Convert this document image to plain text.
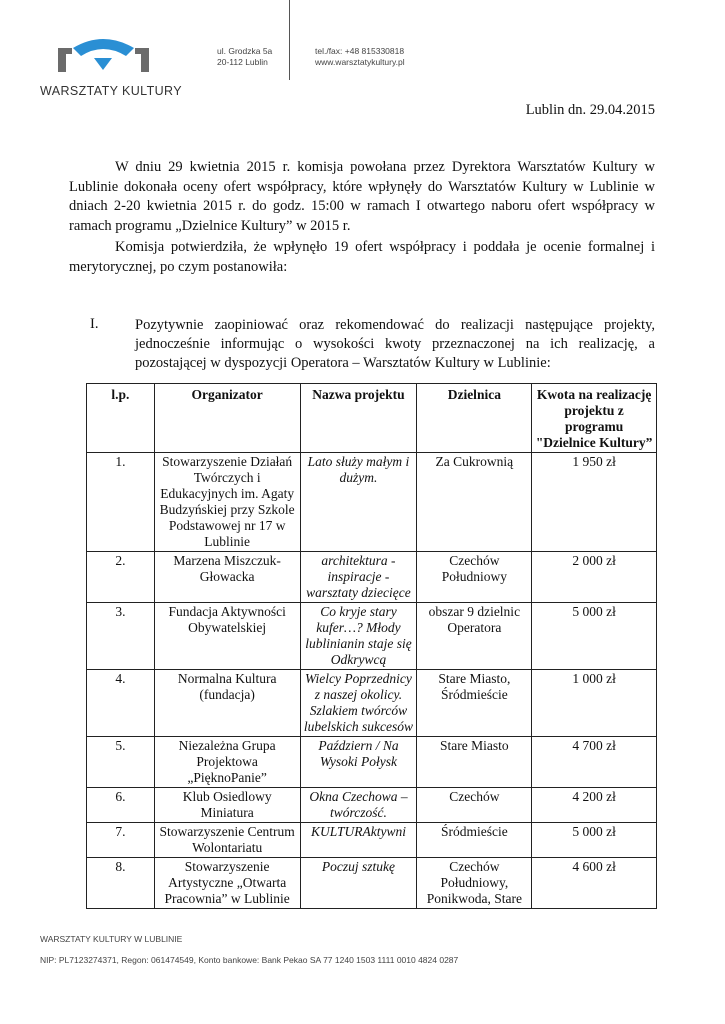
WARSZTATY KULTURY
ul. Grodzka 5a
20-112 Lublin
tel./fax: +48 815330818
www.warsztatykultury.pl
Lublin dn. 29.04.2015

W dniu 29 kwietnia 2015 r. komisja powołana przez Dyrektora Warsztatów Kultury w Lublinie dokonała oceny ofert współpracy, które wpłynęły do Warsztatów Kultury w Lublinie w dniach 2-20 kwietnia 2015 r. do godz. 15:00 w ramach I otwartego naboru ofert współpracy w ramach programu „Dzielnice Kultury” w 2015 r.

Komisja potwierdziła, że wpłynęło 19 ofert współpracy i poddała je ocenie formalnej i merytorycznej, po czym postanowiła:

I.	Pozytywnie zaopiniować oraz rekomendować do realizacji następujące projekty, jednocześnie informując o wysokości kwoty przeznaczonej na ich realizację, a pozostającej w dyspozycji Operatora – Warsztatów Kultury w Lublinie:

l.p.	Organizator	Nazwa projektu	Dzielnica	Kwota na realizację projektu z programu "Dzielnice Kultury”
1.	Stowarzyszenie Działań Twórczych i Edukacyjnych im. Agaty Budzyńskiej przy Szkole Podstawowej nr 17 w Lublinie	Lato służy małym i dużym.	Za Cukrownią	1 950 zł
2.	Marzena Miszczuk-Głowacka	architektura - inspiracje - warsztaty dziecięce	Czechów Południowy	2 000 zł
3.	Fundacja Aktywności Obywatelskiej	Co kryje stary kufer…? Młody lublinianin staje się Odkrywcą	obszar 9 dzielnic Operatora	5 000 zł
4.	Normalna Kultura (fundacja)	Wielcy Poprzednicy z naszej okolicy. Szlakiem twórców lubelskich sukcesów	Stare Miasto, Śródmieście	1 000 zł
5.	Niezależna Grupa Projektowa „PięknoPanie”	Październ / Na Wysoki Połysk	Stare Miasto	4 700 zł
6.	Klub Osiedlowy Miniatura	Okna Czechowa – twórczość.	Czechów	4 200 zł
7.	Stowarzyszenie Centrum Wolontariatu	KULTURAktywni	Śródmieście	5 000 zł
8.	Stowarzyszenie Artystyczne „Otwarta Pracownia” w Lublinie	Poczuj sztukę	Czechów Południowy, Ponikwoda, Stare	4 600 zł
WARSZTATY KULTURY W LUBLINIE
NIP: PL7123274371, Regon: 061474549, Konto bankowe: Bank Pekao SA 77 1240 1503 1111 0010 4824 0287
